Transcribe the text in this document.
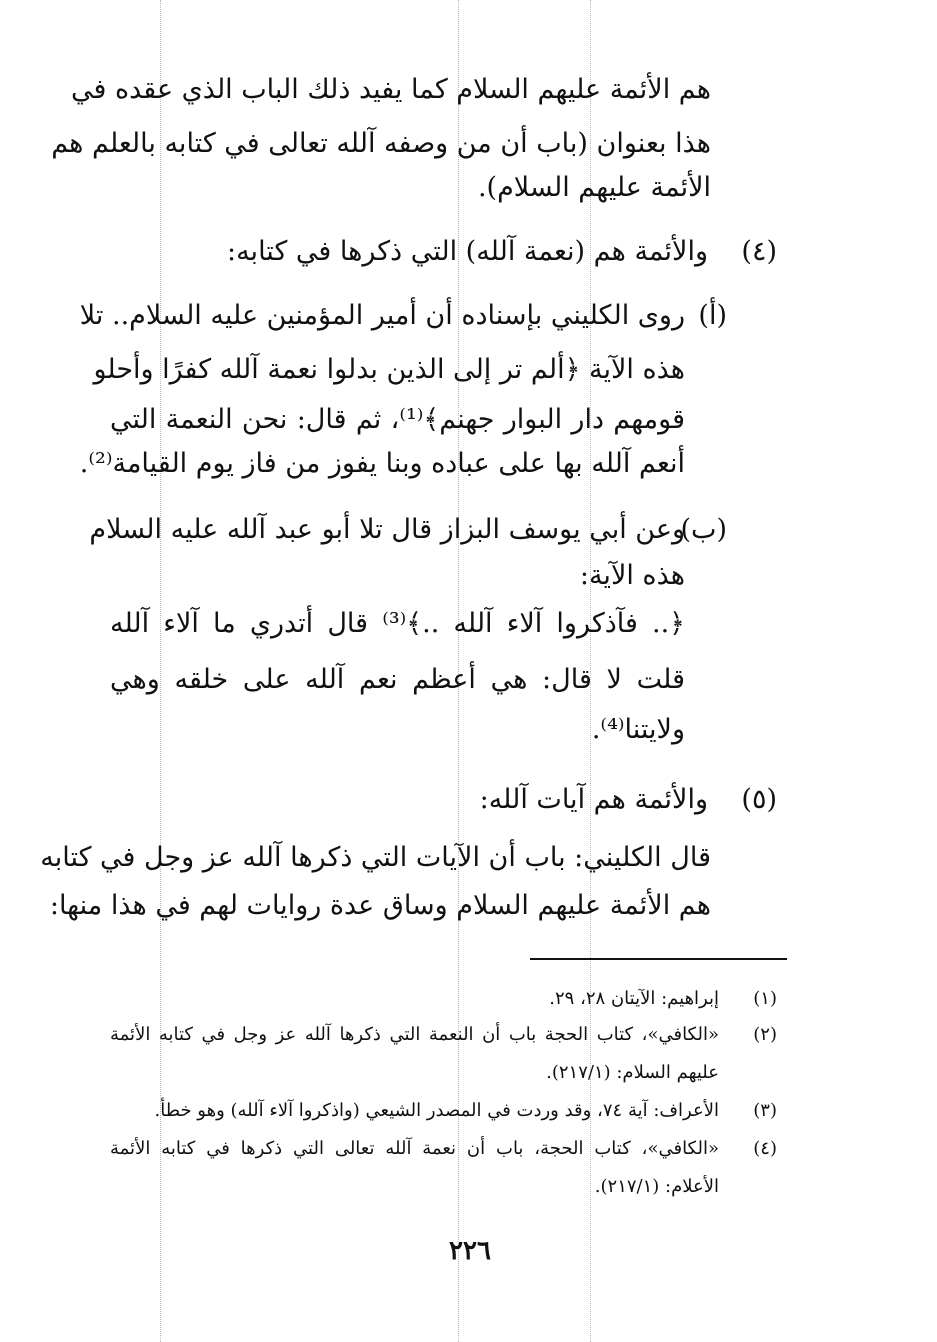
هم الأئمة عليهم السلام كما يفيد ذلك الباب الذي عقده في
هذا بعنوان (باب أن من وصفه آلله تعالى في كتابه بالعلم هم
الأئمة عليهم السلام).
(٤)
والأئمة هم (نعمة آلله) التي ذكرها في كتابه:
(أ)
روى الكليني بإسناده أن أمير المؤمنين عليه السلام.. تلا
هذه الآية ﴿ألم تر إلى الذين بدلوا نعمة آلله كفرًا وأحلو
قومهم دار البوار جهنم﴾⁽¹⁾، ثم قال: نحن النعمة التي
أنعم آلله بها على عباده وبنا يفوز من فاز يوم القيامة⁽²⁾.
(ب)
وعن أبي يوسف البزاز قال تلا أبو عبد آلله عليه السلام
هذه الآية:
﴿.. فآذكروا آلاء آلله ..﴾⁽³⁾ قال أتدري ما آلاء آلله
قلت لا قال: هي أعظم نعم آلله على خلقه وهي
ولايتنا⁽⁴⁾.
(٥)
والأئمة هم آيات آلله:
قال الكليني: باب أن الآيات التي ذكرها آلله عز وجل في كتابه
هم الأئمة عليهم السلام وساق عدة روايات لهم في هذا منها:
(١)
إبراهيم: الآيتان ٢٨، ٢٩.
(٢)
«الكافي»، كتاب الحجة باب أن النعمة التي ذكرها آلله عز وجل في كتابه الأئمة
عليهم السلام: (٢١٧/١).
(٣)
الأعراف: آية ٧٤، وقد وردت في المصدر الشيعي (واذكروا آلاء آلله) وهو خطأ.
(٤)
«الكافي»، كتاب الحجة، باب أن نعمة آلله تعالى التي ذكرها في كتابه الأئمة
الأعلام: (٢١٧/١).
٢٢٦
